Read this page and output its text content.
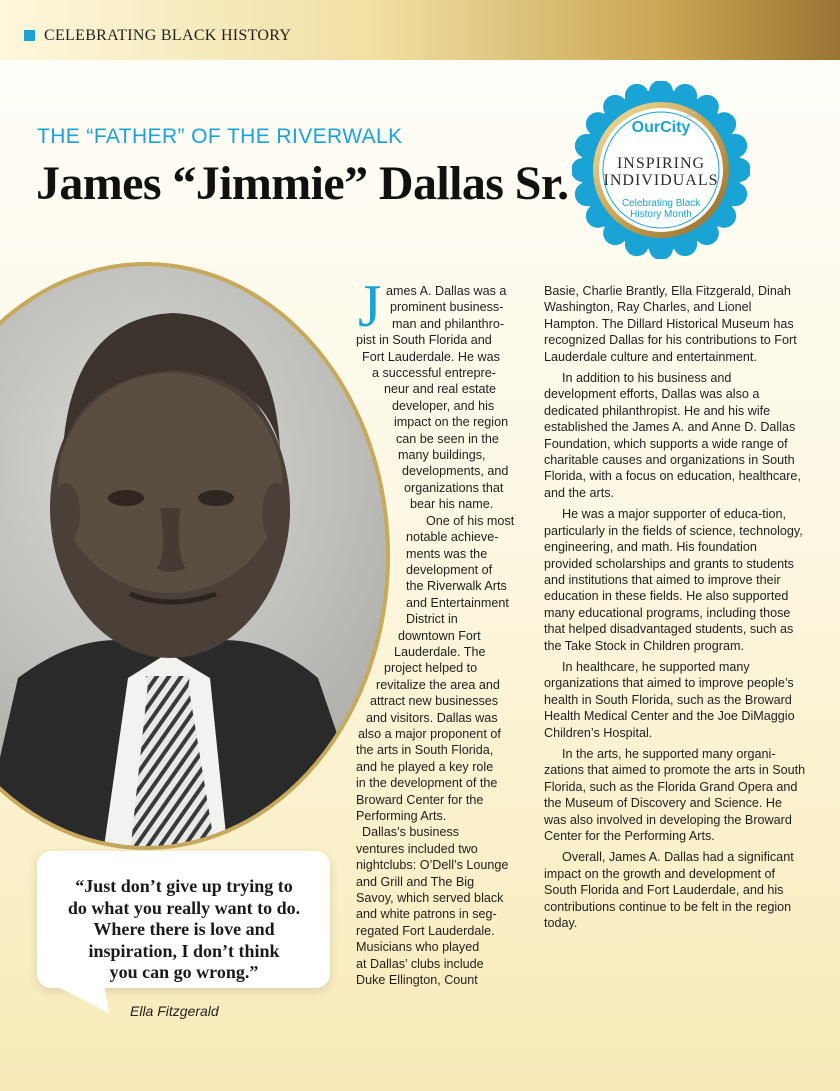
CELEBRATING BLACK HISTORY
THE “FATHER” OF THE RIVERWALK
James “Jimmie” Dallas Sr.
OurCity
INSPIRING
INDIVIDUALS
Celebrating Black History Month
J ames A. Dallas was a
prominent business-
man and philanthro-
pist in South Florida and
Fort Lauderdale. He was
a successful entrepre-
neur and real estate
developer, and his
impact on the region
can be seen in the
many buildings,
developments, and
organizations that
bear his name.
One of his most
notable achieve-
ments was the
development of
the Riverwalk Arts
and Entertainment
District in
downtown Fort
Lauderdale. The
project helped to
revitalize the area and
attract new businesses
and visitors. Dallas was
also a major proponent of
the arts in South Florida,
and he played a key role
in the development of the
Broward Center for the
Performing Arts.
Dallas’s business
ventures included two
nightclubs: O’Dell’s Lounge
and Grill and The Big
Savoy, which served black
and white patrons in seg-
regated Fort Lauderdale.
Musicians who played
at Dallas’ clubs include
Duke Ellington, Count

Basie, Charlie Brantly, Ella Fitzgerald, Dinah Washington, Ray Charles, and Lionel Hampton. The Dillard Historical Museum has recognized Dallas for his contributions to Fort Lauderdale culture and entertainment.

In addition to his business and development efforts, Dallas was also a dedicated philanthropist. He and his wife established the James A. and Anne D. Dallas Foundation, which supports a wide range of charitable causes and organizations in South Florida, with a focus on education, healthcare, and the arts.

He was a major supporter of educa-tion, particularly in the fields of science, technology, engineering, and math. His foundation provided scholarships and grants to students and institutions that aimed to improve their education in these fields. He also supported many educational programs, including those that helped disadvantaged students, such as the Take Stock in Children program.

In healthcare, he supported many organizations that aimed to improve people’s health in South Florida, such as the Broward Health Medical Center and the Joe DiMaggio Children’s Hospital.

In the arts, he supported many organi-zations that aimed to promote the arts in South Florida, such as the Florida Grand Opera and the Museum of Discovery and Science. He was also involved in developing the Broward Center for the Performing Arts.

Overall, James A. Dallas had a significant impact on the growth and development of South Florida and Fort Lauderdale, and his contributions continue to be felt in the region today.

“Just don’t give up trying to
do what you really want to do.
Where there is love and
inspiration, I don’t think
you can go wrong.”
Ella Fitzgerald
